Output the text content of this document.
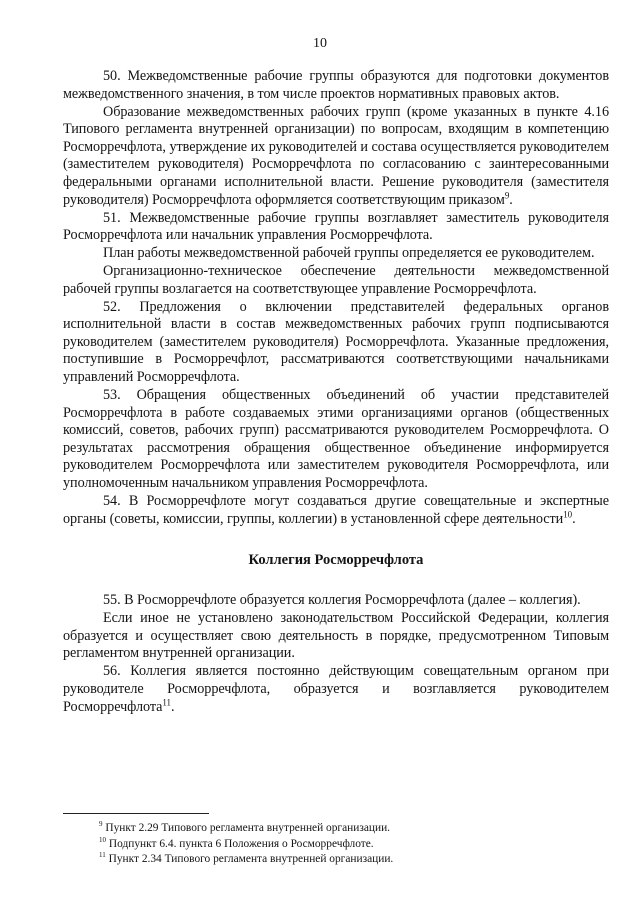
10

50. Межведомственные рабочие группы образуются для подготовки документов межведомственного значения, в том числе проектов нормативных правовых актов.

Образование межведомственных рабочих групп (кроме указанных в пункте 4.16 Типового регламента внутренней организации) по вопросам, входящим в компетенцию Росморречфлота, утверждение их руководителей и состава осуществляется руководителем (заместителем руководителя) Росморречфлота по согласованию с заинтересованными федеральными органами исполнительной власти. Решение руководителя (заместителя руководителя) Росморречфлота оформляется соответствующим приказом$^9$.

51. Межведомственные рабочие группы возглавляет заместитель руководителя Росморречфлота или начальник управления Росморречфлота.

План работы межведомственной рабочей группы определяется ее руководителем.

Организационно-техническое обеспечение деятельности межведомственной рабочей группы возлагается на соответствующее управление Росморречфлота.

52. Предложения о включении представителей федеральных органов исполнительной власти в состав межведомственных рабочих групп подписываются руководителем (заместителем руководителя) Росморречфлота. Указанные предложения, поступившие в Росморречфлот, рассматриваются соответствующими начальниками управлений Росморречфлота.

53. Обращения общественных объединений об участии представителей Росморречфлота в работе создаваемых этими организациями органов (общественных комиссий, советов, рабочих групп) рассматриваются руководителем Росморречфлота. О результатах рассмотрения обращения общественное объединение информируется руководителем Росморречфлота или заместителем руководителя Росморречфлота, или уполномоченным начальником управления Росморречфлота.

54. В Росморречфлоте могут создаваться другие совещательные и экспертные органы (советы, комиссии, группы, коллегии) в установленной сфере деятельности$^{10}$.

Коллегия Росморречфлота

55. В Росморречфлоте образуется коллегия Росморречфлота (далее – коллегия).

Если иное не установлено законодательством Российской Федерации, коллегия образуется и осуществляет свою деятельность в порядке, предусмотренном Типовым регламентом внутренней организации.

56. Коллегия является постоянно действующим совещательным органом при руководителе Росморречфлота, образуется и возглавляется руководителем Росморречфлота$^{11}$.

$^9$ Пункт 2.29 Типового регламента внутренней организации.

$^{10}$ Подпункт 6.4. пункта 6 Положения о Росморречфлоте.

$^{11}$ Пункт 2.34 Типового регламента внутренней организации.
